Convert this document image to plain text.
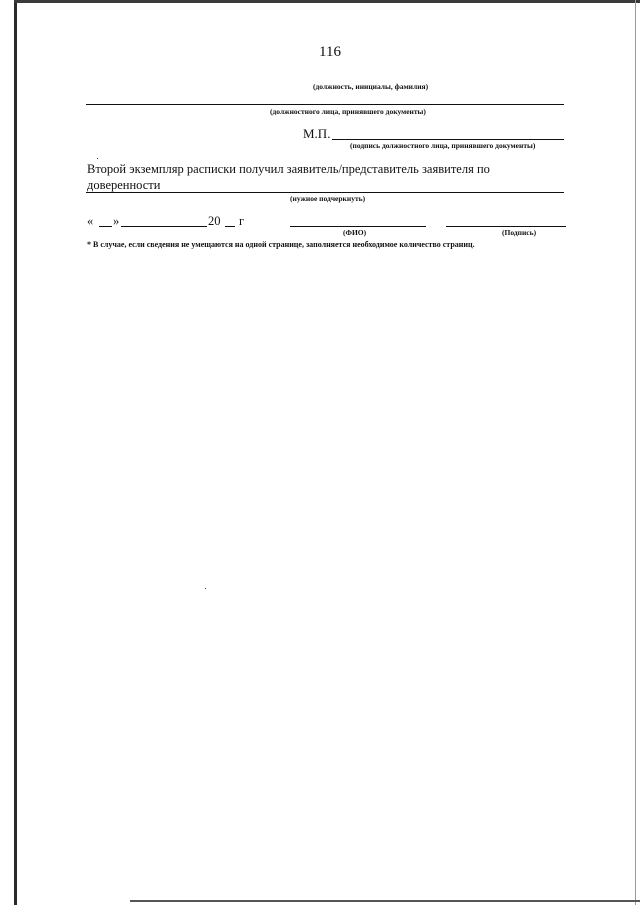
116
(должность, инициалы, фамилия)
(должностного лица, принявшего документы)
М.П.
(подпись должностного лица, принявшего документы)
Второй экземпляр расписки получил заявитель/представитель заявителя по
доверенности
(нужное подчеркнуть)
« »	20 г
(ФИО)	(Подпись)
* В случае, если сведения не умещаются на одной странице, заполняется необходимое количество страниц.
